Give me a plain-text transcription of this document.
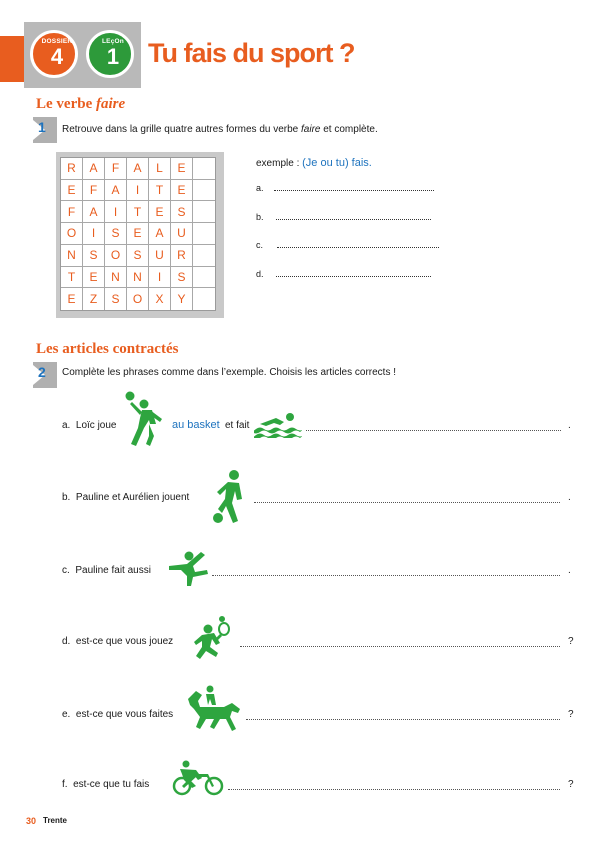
DOSSIER
4
LEçOn
1	Tu fais du sport ?
Le verbe faire
1 Retrouve dans la grille quatre autres formes du verbe faire et complète.
R	A	F	A	L	E
E	F	A	I	T	E
F	A	I	T	E	S
O	I	S	E	A	U
N	S	O	S	U	R
T	E	N	N	I	S
E	Z	S	O	X	Y
exemple : (Je ou tu) fais.
a.
b.
c.
d.
Les articles contractés
2 Complète les phrases comme dans l’exemple. Choisis les articles corrects !
a. Loïc joue	au basket et fait	.
b. Pauline et Aurélien jouent	.
c. Pauline fait aussi	.
d. est-ce que vous jouez	?
e. est-ce que vous faites	?
f. est-ce que tu fais	?
30 Trente
